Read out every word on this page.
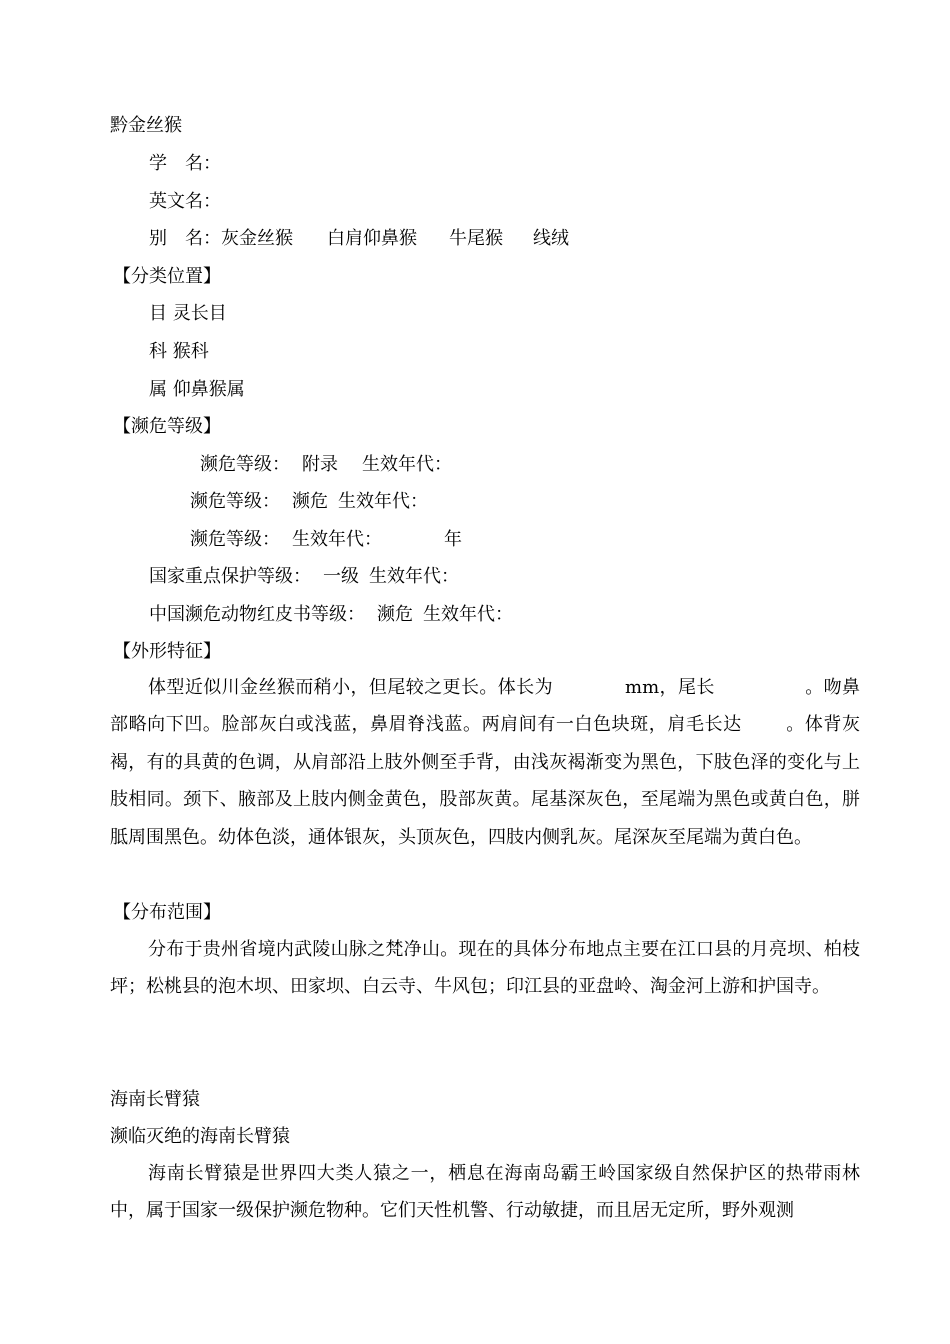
黔金丝猴
学　名：
英文名：
别　名：灰金丝猴 白肩仰鼻猴 牛尾猴 线绒
【分类位置】
目 灵长目
科 猴科
属 仰鼻猴属
【濒危等级】
濒危等级： 附录 生效年代：
濒危等级： 濒危 生效年代：
濒危等级： 生效年代：	年
国家重点保护等级： 一级 生效年代：
中国濒危动物红皮书等级： 濒危 生效年代：
【外形特征】
体型近似川金丝猴而稍小，但尾较之更长。体长为	mm，尾长	。吻鼻部略向下凹。脸部灰白或浅蓝，鼻眉脊浅蓝。两肩间有一白色块斑，肩毛长达 。体背灰褐，有的具黄的色调，从肩部沿上肢外侧至手背，由浅灰褐渐变为黑色，下肢色泽的变化与上肢相同。颈下、腋部及上肢内侧金黄色，股部灰黄。尾基深灰色，至尾端为黑色或黄白色，胼胝周围黑色。幼体色淡，通体银灰，头顶灰色，四肢内侧乳灰。尾深灰至尾端为黄白色。
【分布范围】
分布于贵州省境内武陵山脉之梵净山。现在的具体分布地点主要在江口县的月亮坝、柏枝坪；松桃县的泡木坝、田家坝、白云寺、牛风包；印江县的亚盘岭、淘金河上游和护国寺。
海南长臂猿
濒临灭绝的海南长臂猿
海南长臂猿是世界四大类人猿之一，栖息在海南岛霸王岭国家级自然保护区的热带雨林中，属于国家一级保护濒危物种。它们天性机警、行动敏捷，而且居无定所，野外观测
